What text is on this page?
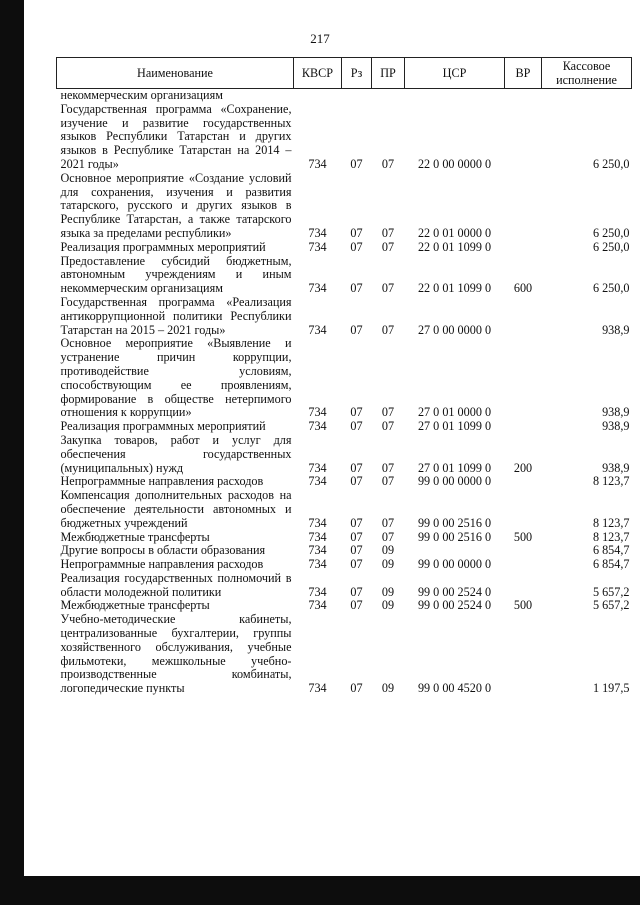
217
Наименование	КВСР	Рз	ПР	ЦСР	ВР	Кассовое исполнение
некоммерческим организациям						
Государственная программа «Сохранение, изучение и развитие государственных языков Республики Татарстан и других языков в Республике Татарстан на 2014 – 2021 годы»	734	07	07	22 0 00 0000 0		6 250,0
Основное мероприятие «Создание условий для сохранения, изучения и развития татарского, русского и других языков в Республике Татарстан, а также татарского языка за пределами республики»	734	07	07	22 0 01 0000 0		6 250,0
Реализация программных мероприятий	734	07	07	22 0 01 1099 0		6 250,0
Предоставление субсидий бюджетным, автономным учреждениям и иным некоммерческим организациям	734	07	07	22 0 01 1099 0	600	6 250,0
Государственная программа «Реализация антикоррупционной политики Республики Татарстан на 2015 – 2021 годы»	734	07	07	27 0 00 0000 0		938,9
Основное мероприятие «Выявление и устранение причин коррупции, противодействие условиям, способствующим ее проявлениям, формирование в обществе нетерпимого отношения к коррупции»	734	07	07	27 0 01 0000 0		938,9
Реализация программных мероприятий	734	07	07	27 0 01 1099 0		938,9
Закупка товаров, работ и услуг для обеспечения государственных (муниципальных) нужд	734	07	07	27 0 01 1099 0	200	938,9
Непрограммные направления расходов	734	07	07	99 0 00 0000 0		8 123,7
Компенсация дополнительных расходов на обеспечение деятельности автономных и бюджетных учреждений	734	07	07	99 0 00 2516 0		8 123,7
Межбюджетные трансферты	734	07	07	99 0 00 2516 0	500	8 123,7
Другие вопросы в области образования	734	07	09			6 854,7
Непрограммные направления расходов	734	07	09	99 0 00 0000 0		6 854,7
Реализация государственных полномочий в области молодежной политики	734	07	09	99 0 00 2524 0		5 657,2
Межбюджетные трансферты	734	07	09	99 0 00 2524 0	500	5 657,2
Учебно-методические кабинеты, централизованные бухгалтерии, группы хозяйственного обслуживания, учебные фильмотеки, межшкольные учебно-производственные комбинаты, логопедические пункты	734	07	09	99 0 00 4520 0		1 197,5
